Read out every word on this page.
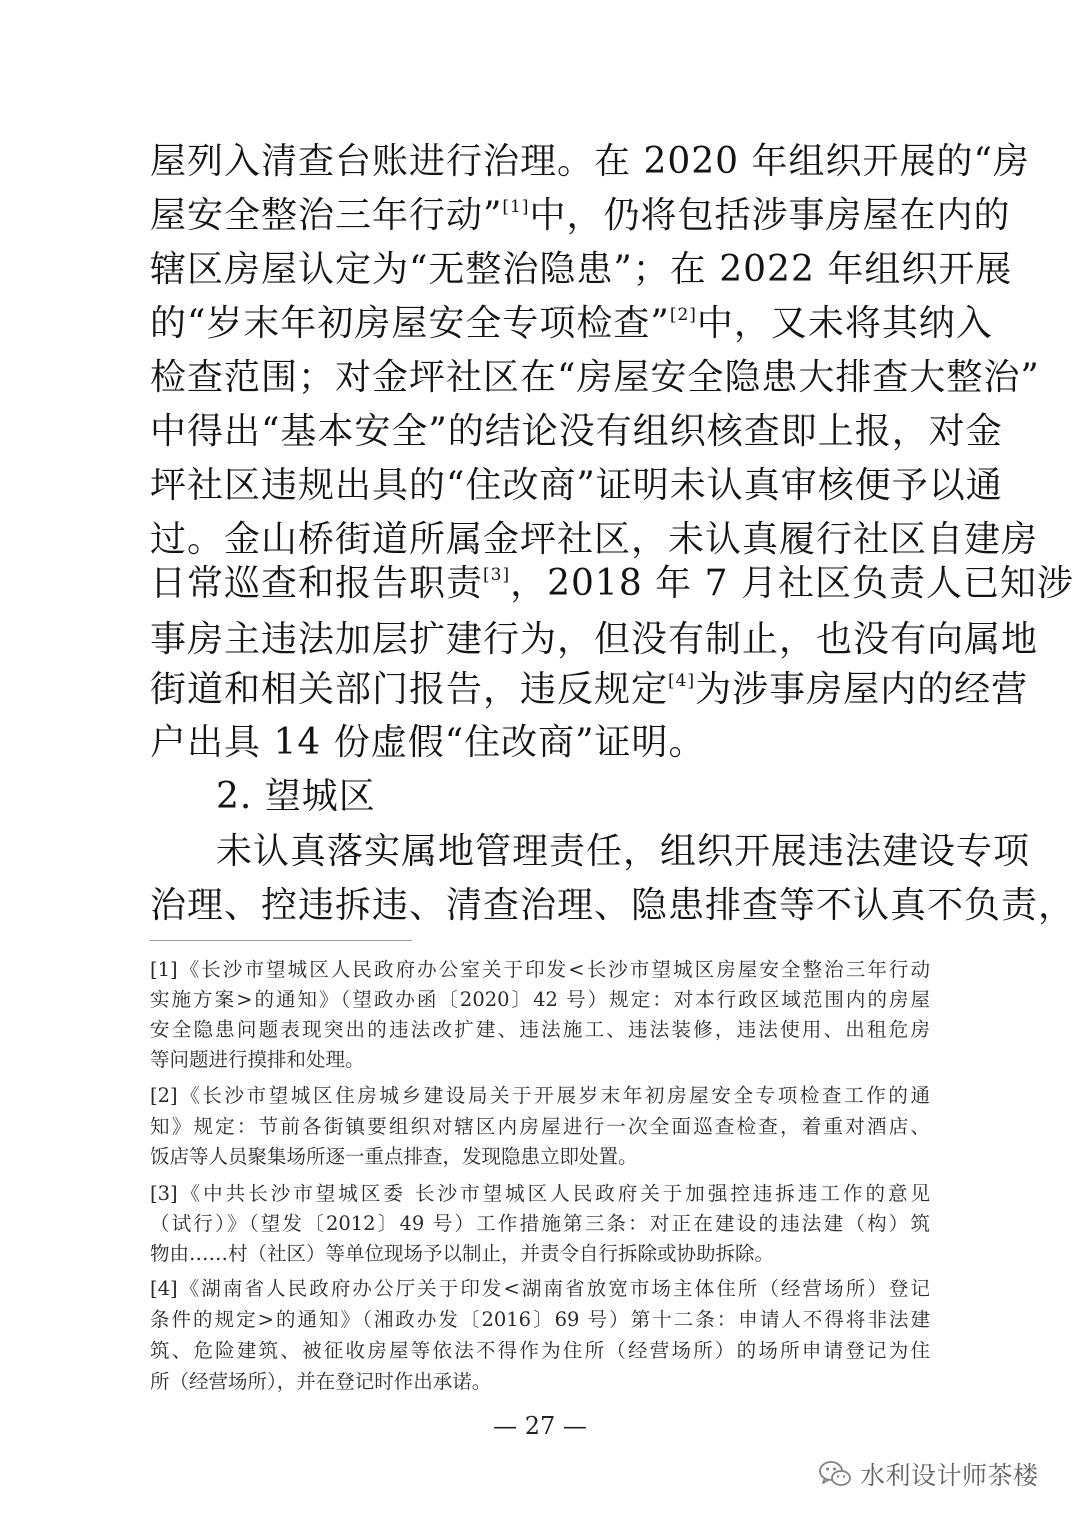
屋列入清查台账进行治理。在 2020 年组织开展的“房
屋安全整治三年行动”[1]中，仍将包括涉事房屋在内的
辖区房屋认定为“无整治隐患”；在 2022 年组织开展
的“岁末年初房屋安全专项检查”[2]中，又未将其纳入
检查范围；对金坪社区在“房屋安全隐患大排查大整治”
中得出“基本安全”的结论没有组织核查即上报，对金
坪社区违规出具的“住改商”证明未认真审核便予以通
过。金山桥街道所属金坪社区，未认真履行社区自建房
日常巡查和报告职责[3]，2018 年 7 月社区负责人已知涉
事房主违法加层扩建行为，但没有制止，也没有向属地
街道和相关部门报告，违反规定[4]为涉事房屋内的经营
户出具 14 份虚假“住改商”证明。
2. 望城区
未认真落实属地管理责任，组织开展违法建设专项
治理、控违拆违、清查治理、隐患排查等不认真不负责，
[1]《长沙市望城区人民政府办公室关于印发<长沙市望城区房屋安全整治三年行动
实施方案>的通知》（望政办函〔2020〕42 号）规定：对本行政区域范围内的房屋
安全隐患问题表现突出的违法改扩建、违法施工、违法装修，违法使用、出租危房
等问题进行摸排和处理。
[2]《长沙市望城区住房城乡建设局关于开展岁末年初房屋安全专项检查工作的通
知》规定：节前各街镇要组织对辖区内房屋进行一次全面巡查检查，着重对酒店、
饭店等人员聚集场所逐一重点排查，发现隐患立即处置。
[3]《中共长沙市望城区委 长沙市望城区人民政府关于加强控违拆违工作的意见
（试行）》（望发〔2012〕49 号）工作措施第三条：对正在建设的违法建（构）筑
物由……村（社区）等单位现场予以制止，并责令自行拆除或协助拆除。
[4]《湖南省人民政府办公厅关于印发<湖南省放宽市场主体住所（经营场所）登记
条件的规定>的通知》（湘政办发〔2016〕69 号）第十二条：申请人不得将非法建
筑、危险建筑、被征收房屋等依法不得作为住所（经营场所）的场所申请登记为住
所（经营场所），并在登记时作出承诺。
— 27 —
水利设计师茶楼
